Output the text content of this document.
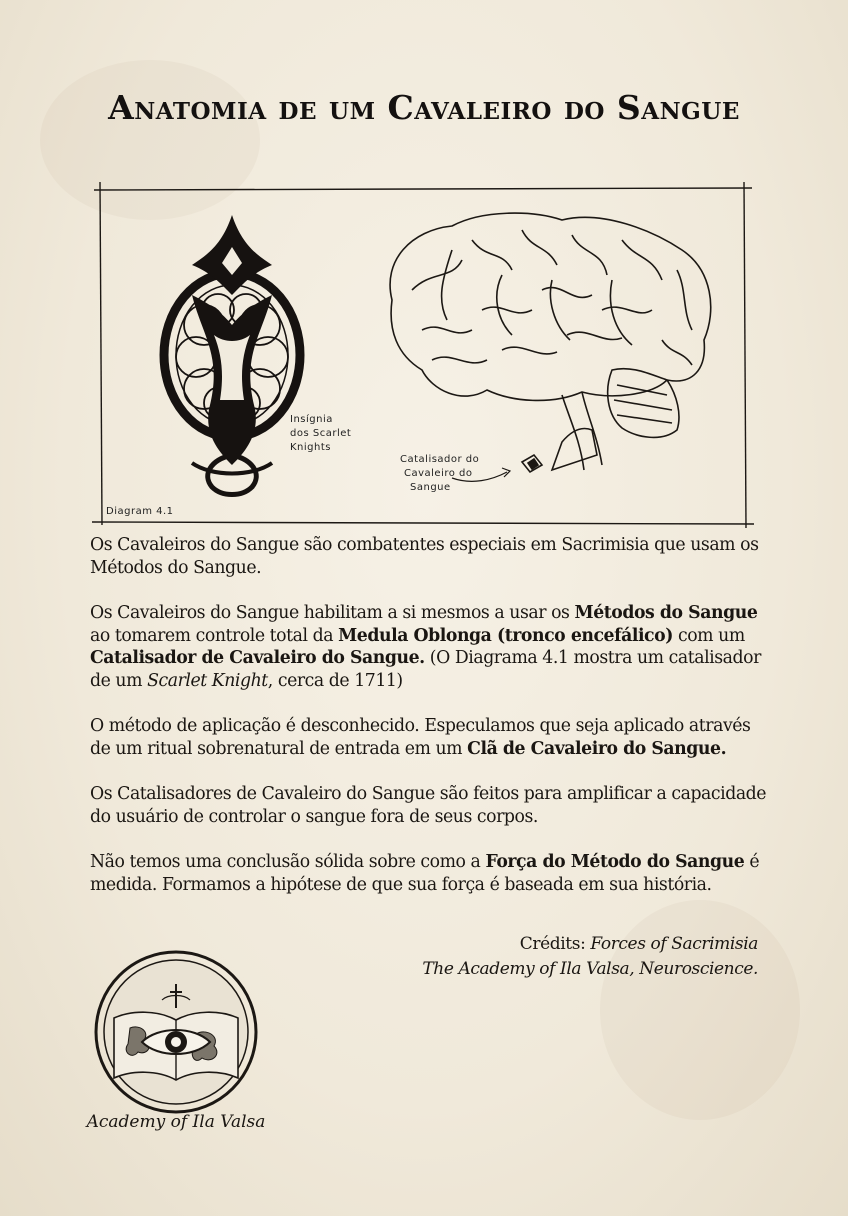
Anatomia de um Cavaleiro do Sangue
Insígnia
dos Scarlet
Knights
Catalisador do
Cavaleiro do
Sangue
Diagram 4.1

Os Cavaleiros do Sangue são combatentes especiais em Sacrimisia que usam os Métodos do Sangue.

Os Cavaleiros do Sangue habilitam a si mesmos a usar os Métodos do Sangue ao tomarem controle total da Medula Oblonga (tronco encefálico) com um Catalisador de Cavaleiro do Sangue. (O Diagrama 4.1 mostra um catalisador de um Scarlet Knight, cerca de 1711)

O método de aplicação é desconhecido. Especulamos que seja aplicado através de um ritual sobrenatural de entrada em um Clã de Cavaleiro do Sangue.

Os Catalisadores de Cavaleiro do Sangue são feitos para amplificar a capacidade do usuário de controlar o sangue fora de seus corpos.

Não temos uma conclusão sólida sobre como a Força do Método do Sangue é medida. Formamos a hipótese de que sua força é baseada em sua história.

Crédits: Forces of Sacrimisia
The Academy of Ila Valsa, Neuroscience.
Academy of Ila Valsa
